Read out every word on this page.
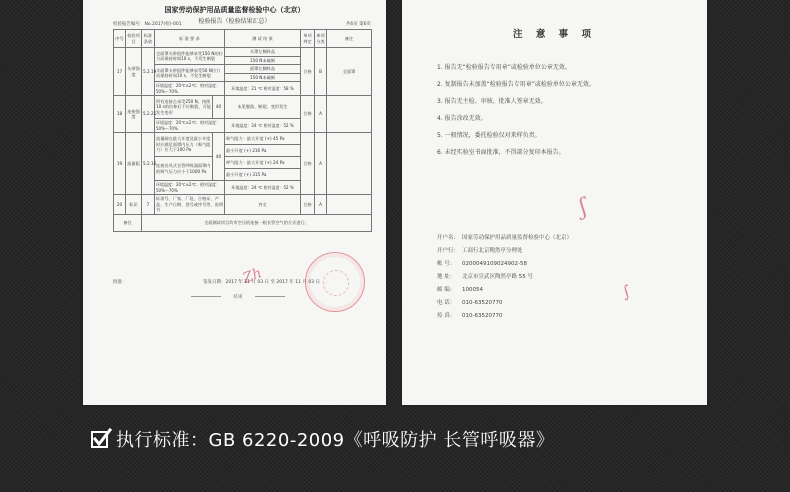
国家劳动保护用品质量监督检验中心（北京）
检验报告（检验结果汇总）
检验报告编号：No.2017(检)-001	共6页 第6页
序号	检验项目	标准条款	标 准 要 求		测 试 结 果	单项判定	单项分类	备注
17	头带强度	5.2.19	全面罩头带组件能够承受150 N的拉力而保持时间10 s，不发生断裂		头罩左侧样品	合格	B	全面罩
					150 N未破断			
			半面罩头带组件能够承受50 N拉力而保持时间10 s，不发生断裂		面罩左侧样品			
					150 N未破断			
			环境温度：20℃±2℃；相对湿度：50%～70%		环境温度：21 ℃ 相对湿度：58 %			
18	连接强度	5.2.21	所有连接点承受250 N，持续10 s的拉伸后不应断裂，可能发生变形	40	未见脱落、断裂、变形发生	合格	A	
			环境温度：20℃±2℃；相对湿度：50%～70%		环境温度：24 ℃ 相对湿度：52 %			
19	流量阻	5.2.16	流量阀在最大开度及最小开度时应满足面罩内压力（吸气阻力）应大于100 Pa	40	吸气阻力 · 最大开度 (+) 45 Pa	合格	A	
					最小开度 (+) 216 Pa			
			连接送风式长管呼吸器面罩内的吸气压力应小于1000 Pa		呼气阻力 · 最大开度 (+) 24 Pa			
					最小开度 (+) 315 Pa			
			环境温度：20℃±2℃；相对湿度：50%～70%		环境温度：24 ℃ 相对湿度：52 %			
20	标识	7	标准号、厂家、厂址、合格证、产品、生产日期、登号或序号等，说明书		齐全	合格	A	
备注		全面测试项目均市空压机连接一根长管空气的方式进行。						
批准：	签发日期：2017 年 11 月 03 日 至 2017 年 11 月 03 日
结束
Zh
注 意 事 项
1. 报告无“检验报告专用章”或检验单位公章无效。
2. 复制报告未加盖“检验报告专用章”或检验单位公章无效。
3. 报告无主检、审核、批准人签章无效。
4. 报告涂改无效。
5. 一般情况，委托检验仅对来样负责。
6. 未经实验室书面批准，不得部分复印本报告。
开户名： 国家劳动保护用品质量监督检验中心（北京）
开户行： 工商行北京陶然亭分理处
帐 号： 0200049109024902-58
地 址： 北京市宣武区陶然亭路 55 号
邮 编： 100054
电 话： 010-63520770
传 真： 010-63520770
ʃ
∫
执行标准：GB 6220-2009《呼吸防护 长管呼吸器》
